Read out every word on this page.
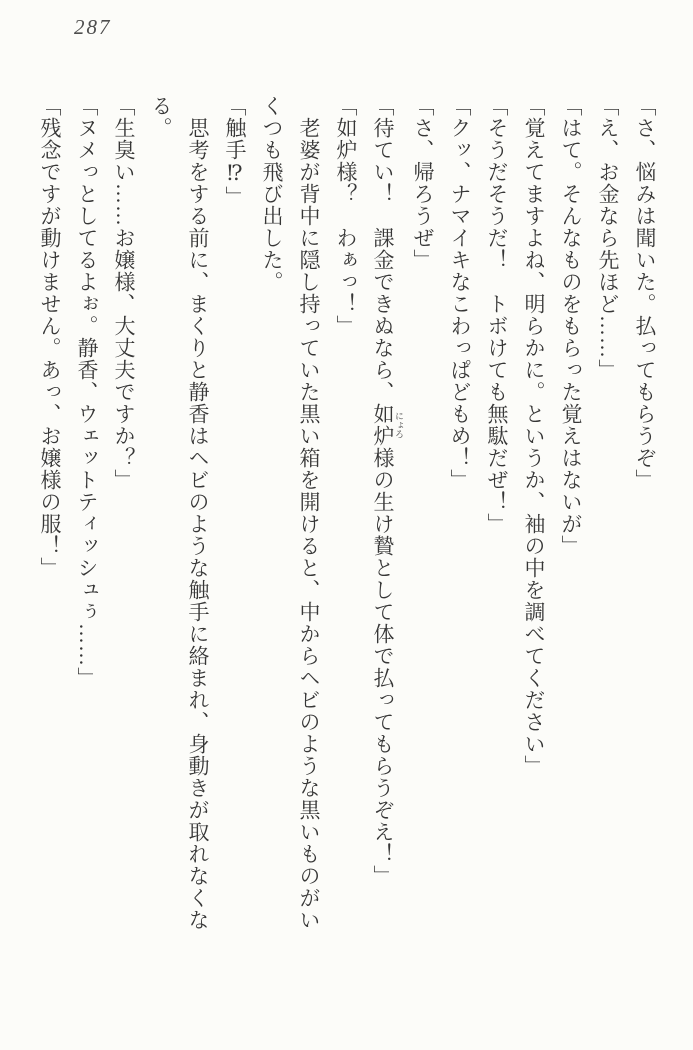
287
「さ、悩みは聞いた。払ってもらうぞ」
「え、お金なら先ほど……」
「はて。そんなものをもらった覚えはないが」
「覚えてますよね、明らかに。というか、袖の中を調べてください」
「そうだそうだ！　トボけても無駄だぜ！」
「クッ、ナマイキなこわっぱどもめ！」
「さ、帰ろうぜ」
「待てい！　課金できぬなら、如炉 にょろ様の生け贄として体で払ってもらうぞえ！」
「如炉様？　わぁっ！」
　老婆が背中に隠し持っていた黒い箱を開けると、中からヘビのような黒いものがい
くつも飛び出した。
「触手⁉」
　思考をする前に、まくりと静香はヘビのような触手に絡まれ、身動きが取れなくな
る。
「生臭い……お嬢様、大丈夫ですか？」
「ヌメっとしてるよぉ。静香、ウェットティッシュぅ……」
「残念ですが動けません。あっ、お嬢様の服！」
